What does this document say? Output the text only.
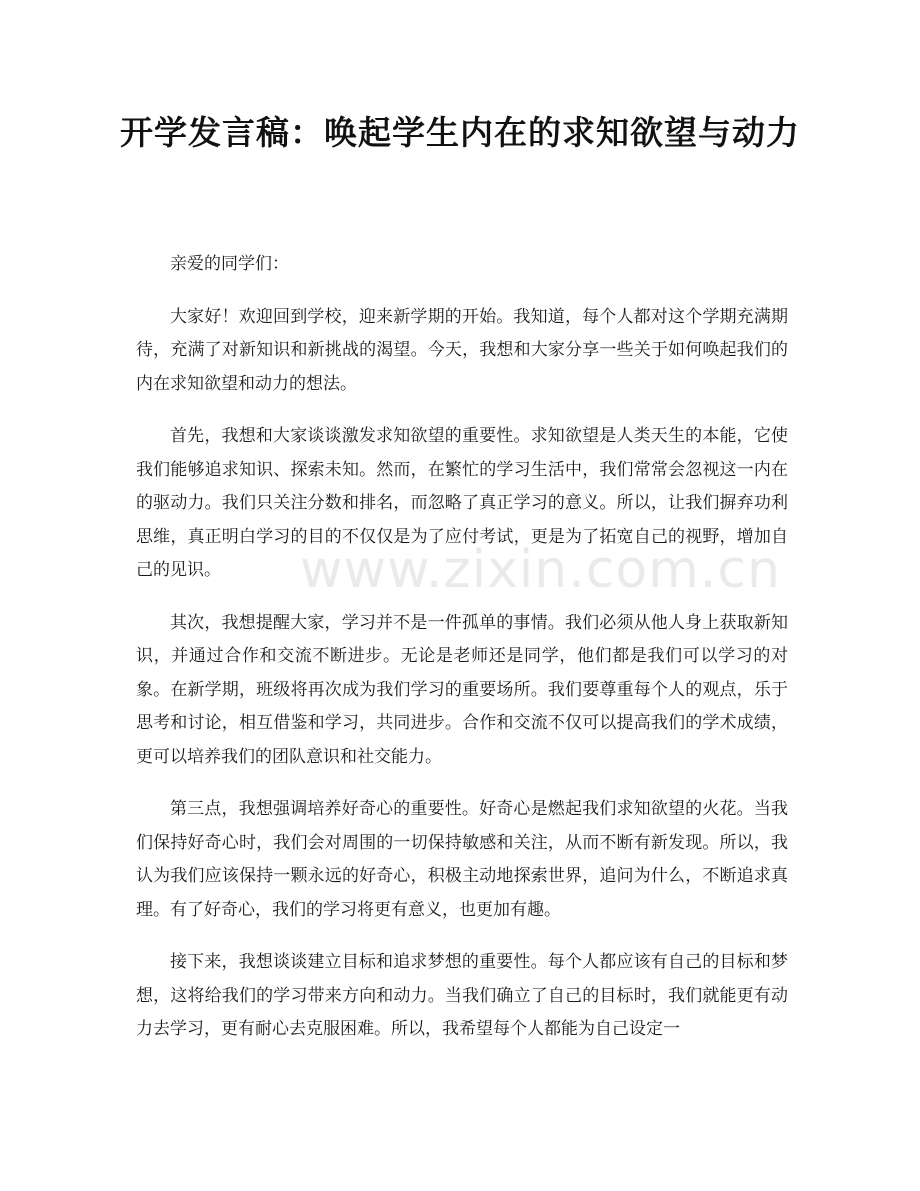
开学发言稿：唤起学生内在的求知欲望与动力

亲爱的同学们：

大家好！欢迎回到学校，迎来新学期的开始。我知道，每个人都对这个学期充满期待，充满了对新知识和新挑战的渴望。今天，我想和大家分享一些关于如何唤起我们的内在求知欲望和动力的想法。

首先，我想和大家谈谈激发求知欲望的重要性。求知欲望是人类天生的本能，它使我们能够追求知识、探索未知。然而，在繁忙的学习生活中，我们常常会忽视这一内在的驱动力。我们只关注分数和排名，而忽略了真正学习的意义。所以，让我们摒弃功利思维，真正明白学习的目的不仅仅是为了应付考试，更是为了拓宽自己的视野，增加自己的见识。

其次，我想提醒大家，学习并不是一件孤单的事情。我们必须从他人身上获取新知识，并通过合作和交流不断进步。无论是老师还是同学，他们都是我们可以学习的对象。在新学期，班级将再次成为我们学习的重要场所。我们要尊重每个人的观点，乐于思考和讨论，相互借鉴和学习，共同进步。合作和交流不仅可以提高我们的学术成绩，更可以培养我们的团队意识和社交能力。

第三点，我想强调培养好奇心的重要性。好奇心是燃起我们求知欲望的火花。当我们保持好奇心时，我们会对周围的一切保持敏感和关注，从而不断有新发现。所以，我认为我们应该保持一颗永远的好奇心，积极主动地探索世界，追问为什么，不断追求真理。有了好奇心，我们的学习将更有意义，也更加有趣。

接下来，我想谈谈建立目标和追求梦想的重要性。每个人都应该有自己的目标和梦想，这将给我们的学习带来方向和动力。当我们确立了自己的目标时，我们就能更有动力去学习，更有耐心去克服困难。所以，我希望每个人都能为自己设定一

www.zixin.com.cn
